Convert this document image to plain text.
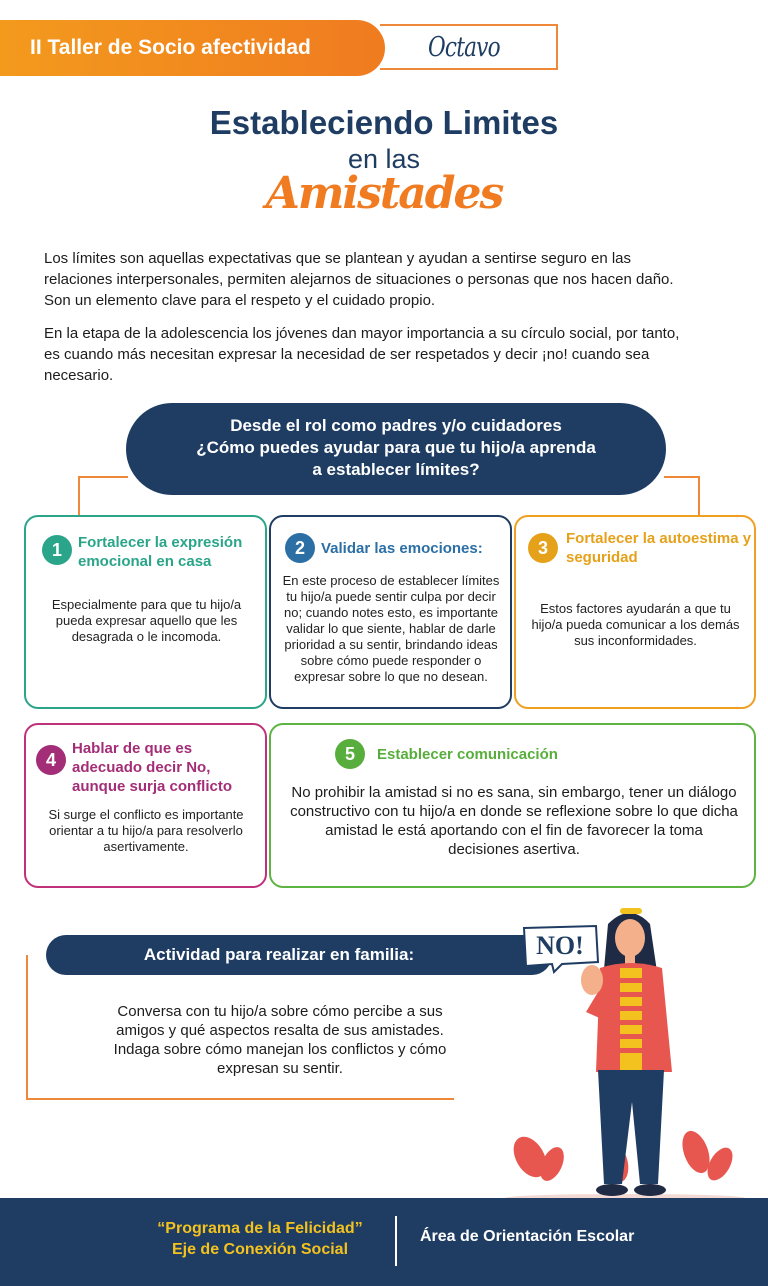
II Taller de Socio afectividad	Octavo
Estableciendo Limites
en las
Amistades

Los límites son aquellas expectativas que se plantean y ayudan a sentirse seguro en las relaciones interpersonales, permiten alejarnos de situaciones o personas que nos hacen daño. Son un elemento clave para el respeto y el cuidado propio.

En la etapa de la adolescencia los jóvenes dan mayor importancia a su círculo social, por tanto, es cuando más necesitan expresar la necesidad de ser respetados y decir ¡no! cuando sea necesario.

Desde el rol como padres y/o cuidadores
¿Cómo puedes ayudar para que tu hijo/a aprenda
a establecer límites?
1	Fortalecer la expresión emocional en casa
Especialmente para que tu hijo/a pueda expresar aquello que les desagrada o le incomoda.
2	Validar las emociones:
En este proceso de establecer límites tu hijo/a puede sentir culpa por decir no; cuando notes esto, es importante validar lo que siente, hablar de darle prioridad a su sentir, brindando ideas sobre cómo puede responder o expresar sobre lo que no desean.
3	Fortalecer la autoestima y seguridad
Estos factores ayudarán a que tu hijo/a pueda comunicar a los demás sus inconformidades.
4
Hablar de que es adecuado decir No, aunque surja conflicto
Si surge el conflicto es importante orientar a tu hijo/a para resolverlo asertivamente.
5	Establecer comunicación
No prohibir la amistad si no es sana, sin embargo, tener un diálogo constructivo con tu hijo/a en donde se reflexione sobre lo que dicha amistad le está aportando con el fin de favorecer la toma decisiones asertiva.
Actividad para realizar en familia:

Conversa con tu hijo/a sobre cómo percibe a sus amigos y qué aspectos resalta de sus amistades. Indaga sobre cómo manejan los conflictos y cómo expresan su sentir.

NO!
“Programa de la Felicidad”
Eje de Conexión Social
Área de Orientación Escolar
